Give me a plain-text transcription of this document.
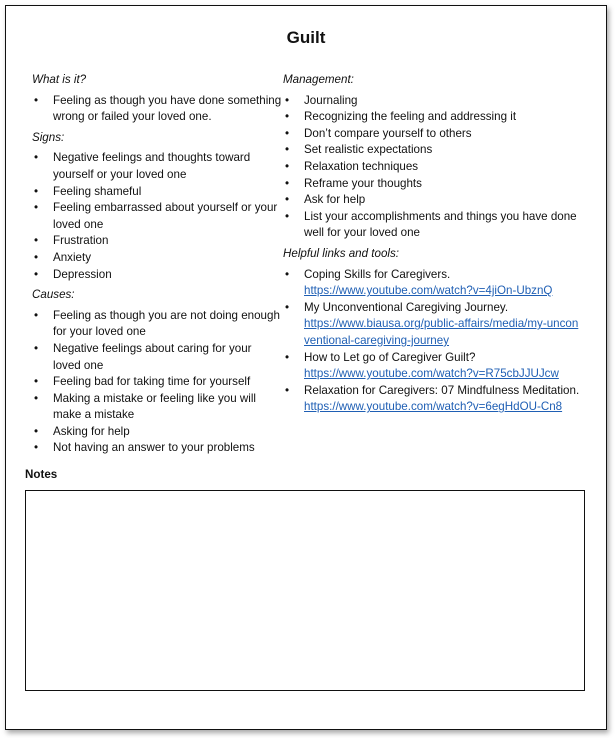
Guilt
What is it?
• Feeling as though you have done something wrong or failed your loved one.
Signs:
• Negative feelings and thoughts toward yourself or your loved one
• Feeling shameful
• Feeling embarrassed about yourself or your loved one
• Frustration
• Anxiety
• Depression
Causes:
• Feeling as though you are not doing enough for your loved one
• Negative feelings about caring for your loved one
• Feeling bad for taking time for yourself
• Making a mistake or feeling like you will make a mistake
• Asking for help
• Not having an answer to your problems
Management:
• Journaling
• Recognizing the feeling and addressing it
• Don’t compare yourself to others
• Set realistic expectations
• Relaxation techniques
• Reframe your thoughts
• Ask for help
• List your accomplishments and things you have done well for your loved one
Helpful links and tools:
• Coping Skills for Caregivers.
https://www.youtube.com/watch?v=4jiOn-UbznQ
• My Unconventional Caregiving Journey.
https://www.biausa.org/public-affairs/media/my-unconventional-caregiving-journey
• How to Let go of Caregiver Guilt?
https://www.youtube.com/watch?v=R75cbJJUJcw
• Relaxation for Caregivers: 07 Mindfulness Meditation.
https://www.youtube.com/watch?v=6egHdOU-Cn8
Notes
